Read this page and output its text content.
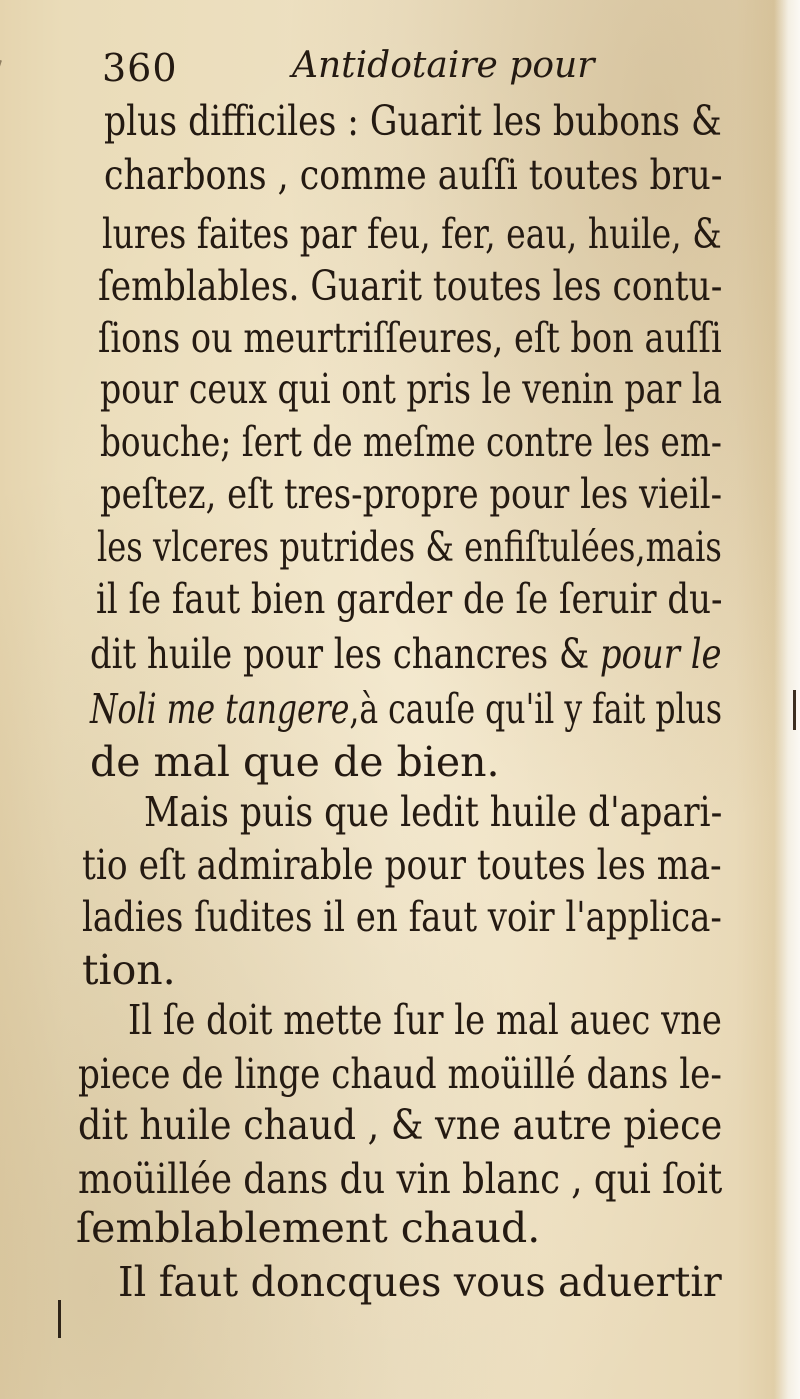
360	Antidotaire pour
plus difficiles : Guarit les bubons &
charbons , comme auſſi toutes bru-
lures faites par feu, fer, eau, huile, &
ſemblables. Guarit toutes les contu-
ſions ou meurtriſſeures, eſt bon auſſi
pour ceux qui ont pris le venin par la
bouche; ſert de meſme contre les em-
peſtez, eſt tres-propre pour les vieil-
les vlceres putrides & enfiſtulées,mais
il ſe faut bien garder de ſe ſeruir du-
dit huile pour les chancres & pour le
Noli me tangere,à cauſe qu'il y fait plus
de mal que de bien.
Mais puis que ledit huile d'apari-
tio eſt admirable pour toutes les ma-
ladies ſudites il en faut voir l'applica-
tion.
Il ſe doit mette ſur le mal auec vne
piece de linge chaud moüillé dans le-
dit huile chaud , & vne autre piece
moüillée dans du vin blanc , qui ſoit
ſemblablement chaud.
Il faut doncques vous aduertir
